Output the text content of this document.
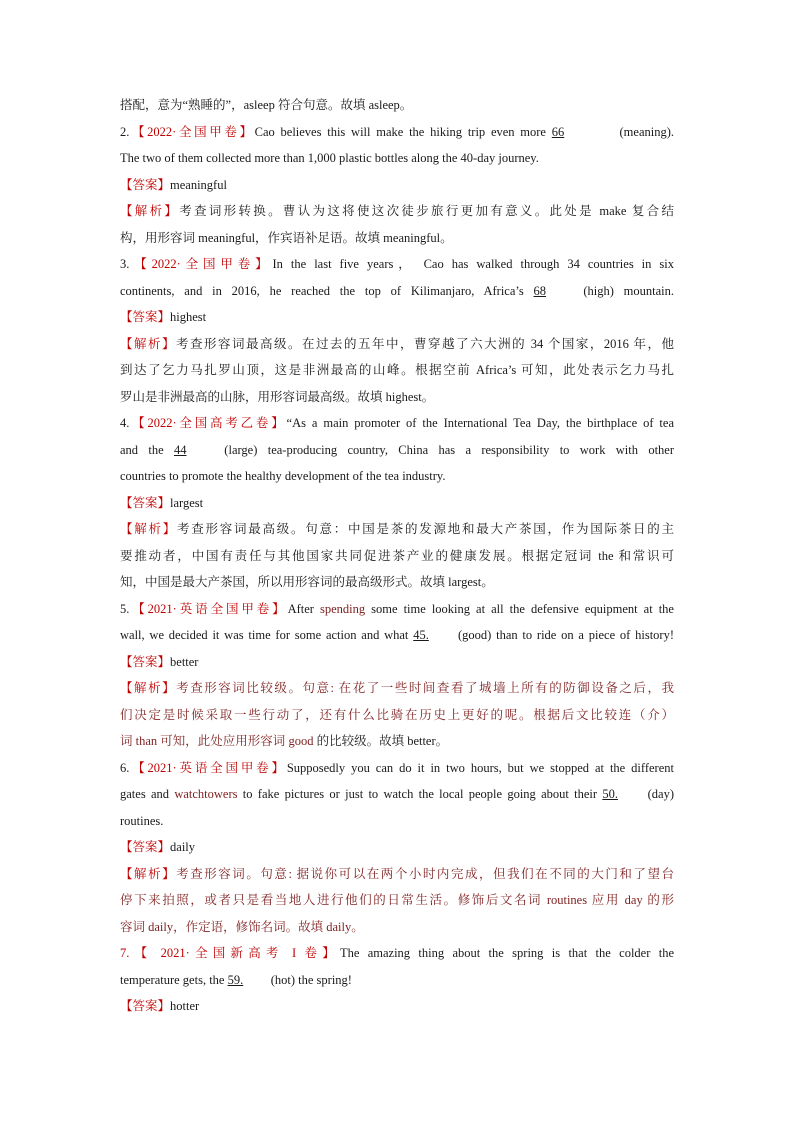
搭配，意为“熟睡的”，asleep 符合句意。故填 asleep。
2.【2022·全国甲卷】Cao believes this will make the hiking trip even more 66	(meaning).
The two of them collected more than 1,000 plastic bottles along the 40-day journey.
【答案】meaningful
【解析】考查词形转换。曹认为这将使这次徒步旅行更加有意义。此处是 make 复合结
构，用形容词 meaningful，作宾语补足语。故填 meaningful。
3.【2022·全国甲卷】In the last five years， Cao has walked through 34 countries in six
continents, and in 2016, he reached the top of Kilimanjaro, Africa’s 68 (high) mountain.
【答案】highest
【解析】考查形容词最高级。在过去的五年中，曹穿越了六大洲的 34 个国家，2016 年，他
到达了乞力马扎罗山顶，这是非洲最高的山峰。根据空前 Africa’s 可知，此处表示乞力马扎
罗山是非洲最高的山脉，用形容词最高级。故填 highest。
4.【2022·全国高考乙卷】“As a main promoter of the International Tea Day, the birthplace of tea
and the 44 (large) tea-producing country, China has a responsibility to work with other
countries to promote the healthy development of the tea industry.
【答案】largest
【解析】考查形容词最高级。句意：中国是茶的发源地和最大产茶国，作为国际茶日的主
要推动者，中国有责任与其他国家共同促进茶产业的健康发展。根据定冠词 the 和常识可
知，中国是最大产茶国，所以用形容词的最高级形式。故填 largest。
5.【2021·英语全国甲卷】After spending some time looking at all the defensive equipment at the
wall, we decided it was time for some action and what 45. (good) than to ride on a piece of history!
【答案】better
【解析】考查形容词比较级。句意: 在花了一些时间查看了城墙上所有的防御设备之后，我
们决定是时候采取一些行动了，还有什么比骑在历史上更好的呢。根据后文比较连（介）
词 than 可知，此处应用形容词 good 的比较级。故填 better。
6.【2021·英语全国甲卷】Supposedly you can do it in two hours, but we stopped at the different
gates and watchtowers to fake pictures or just to watch the local people going about their 50. (day)
routines.
【答案】daily
【解析】考查形容词。句意: 据说你可以在两个小时内完成，但我们在不同的大门和了望台
停下来拍照，或者只是看当地人进行他们的日常生活。修饰后文名词 routines 应用 day 的形
容词 daily，作定语，修饰名词。故填 daily。
7.【 2021·全国新高考 I 卷】The amazing thing about the spring is that the colder the
temperature gets, the 59. (hot) the spring!
【答案】hotter
